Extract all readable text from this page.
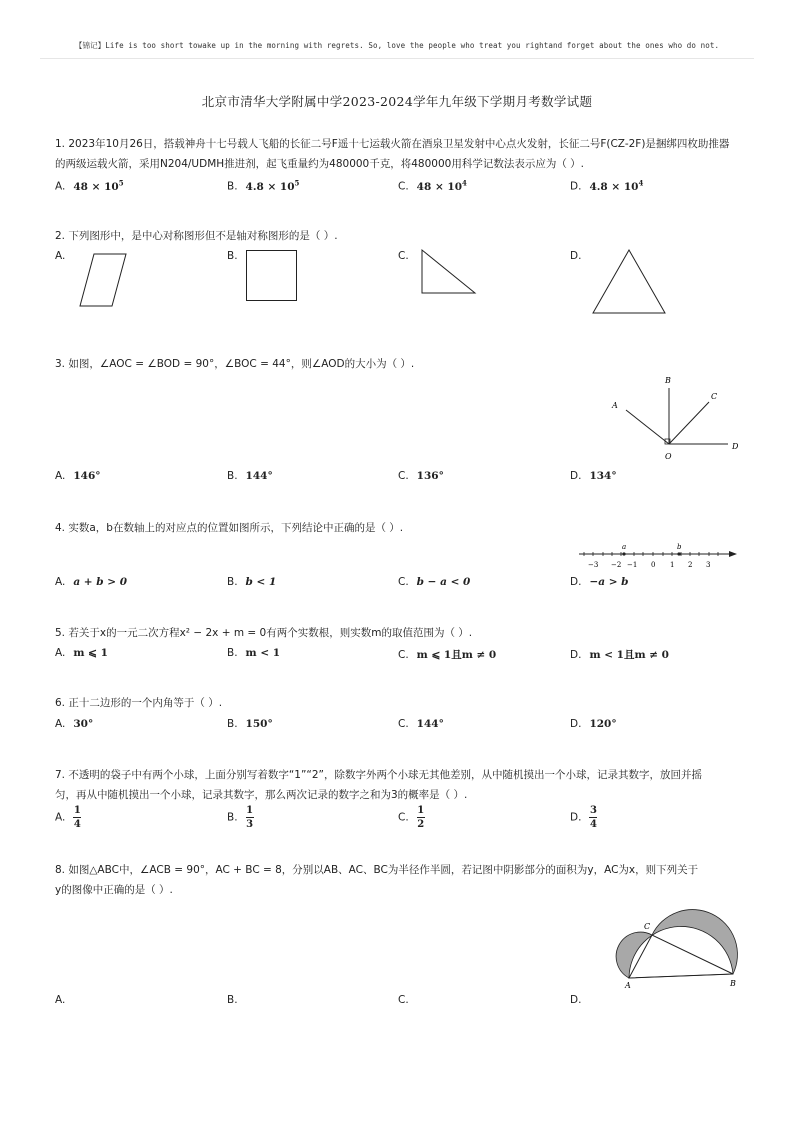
【锦记】Life is too short towake up in the morning with regrets. So, love the people who treat you rightand forget about the ones who do not.
北京市清华大学附属中学2023-2024学年九年级下学期月考数学试题
1. 2023年10月26日，搭载神舟十七号载人飞船的长征二号F遥十七运载火箭在酒泉卫星发射中心点火发射，长征二号F(CZ-2F)是捆绑四枚助推器
的两级运载火箭，采用N204/UDMH推进剂，起飞重量约为480000千克，将480000用科学记数法表示应为（ ）.
A. $48 \times 10^5$	B. $4.8 \times 10^5$	C. $48 \times 10^4$	D. $4.8 \times 10^4$
2. 下列图形中，是中心对称图形但不是轴对称图形的是（ ）.
A.	B.	C.	D.
3. 如图，∠AOC = ∠BOD = 90°，∠BOC = 44°，则∠AOD的大小为（ ）.
A
B
C
D
O
A. 146°	B. 144°	C. 136°	D. 134°
4. 实数a，b在数轴上的对应点的位置如图所示，下列结论中正确的是（ ）.
a	b
−3 −2 −1 0 1 2 3
A. a + b > 0	B. b < 1	C. b − a < 0	D. −a > b
5. 若关于x的一元二次方程x² − 2x + m = 0有两个实数根，则实数m的取值范围为（ ）.
A. m ⩽ 1	B. m < 1	C. m ⩽ 1且m ≠ 0	D. m < 1且m ≠ 0
6. 正十二边形的一个内角等于（ ）.
A. 30°	B. 150°	C. 144°	D. 120°
7. 不透明的袋子中有两个小球，上面分别写着数字“1”“2”，除数字外两个小球无其他差别，从中随机摸出一个小球，记录其数字，放回并摇
匀，再从中随机摸出一个小球，记录其数字，那么两次记录的数字之和为3的概率是（ ）.
A. $\frac{1}{4}$	B. $\frac{1}{3}$	C. $\frac{1}{2}$	D. $\frac{3}{4}$
8. 如图△ABC中，∠ACB = 90°，AC + BC = 8，分别以AB、AC、BC为半径作半圆，若记图中阴影部分的面积为y，AC为x，则下列关于
y的图像中正确的是（ ）.
C
A	B
A.	B.	C.	D.
